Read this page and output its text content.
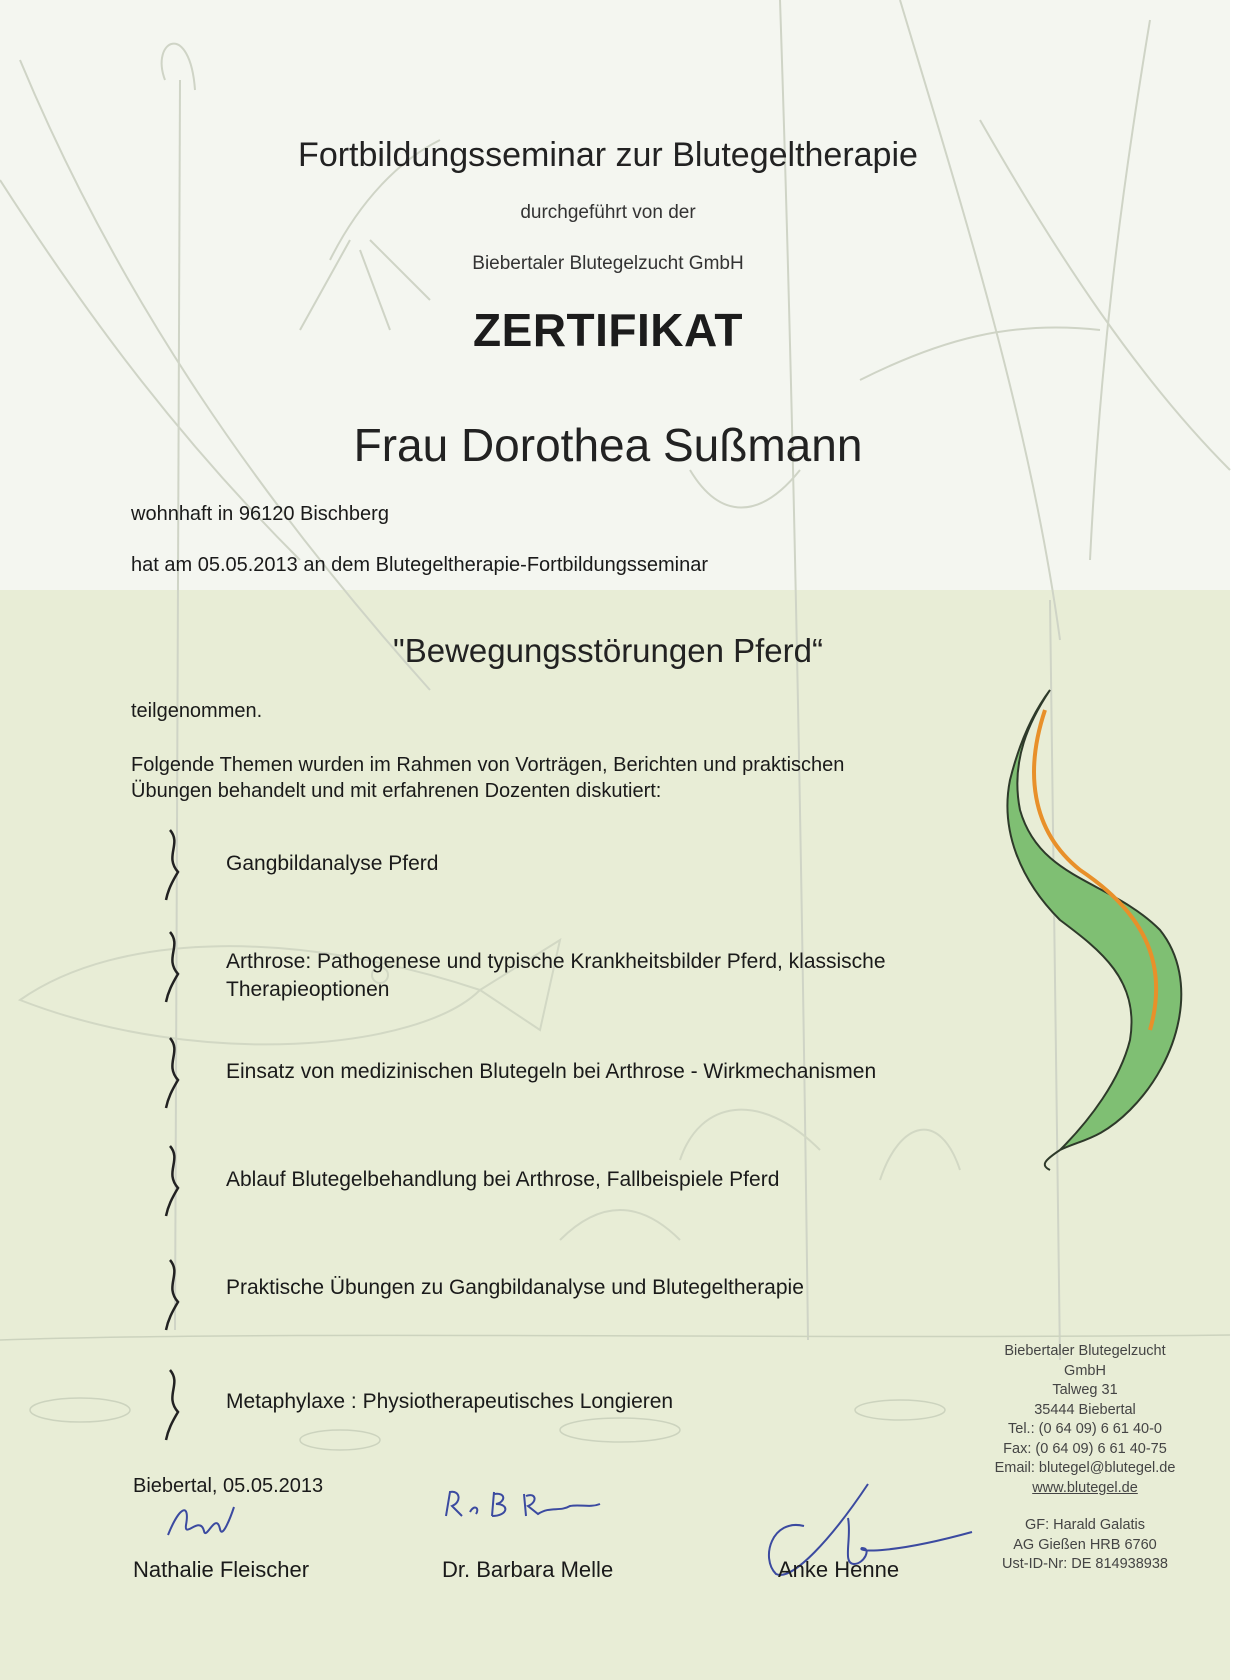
Fortbildungsseminar zur Blutegeltherapie

durchgeführt von der

Biebertaler Blutegelzucht GmbH

ZERTIFIKAT

Frau Dorothea Sußmann

wohnhaft in 96120 Bischberg

hat am 05.05.2013 an dem Blutegeltherapie-Fortbildungsseminar

"Bewegungsstörungen Pferd“

teilgenommen.

Folgende Themen wurden im Rahmen von Vorträgen, Berichten und praktischen Übungen behandelt und mit erfahrenen Dozenten diskutiert:

Gangbildanalyse Pferd
Arthrose: Pathogenese und typische Krankheitsbilder Pferd, klassische Therapieoptionen
Einsatz von medizinischen Blutegeln bei Arthrose - Wirkmechanismen
Ablauf Blutegelbehandlung bei Arthrose, Fallbeispiele Pferd
Praktische Übungen zu Gangbildanalyse und Blutegeltherapie
Metaphylaxe : Physiotherapeutisches Longieren

Biebertal, 05.05.2013

Nathalie Fleischer	Dr. Barbara Melle	Anke Henne

Biebertaler Blutegelzucht
GmbH
Talweg 31
35444 Biebertal
Tel.: (0 64 09) 6 61 40-0
Fax: (0 64 09) 6 61 40-75
Email: blutegel@blutegel.de
www.blutegel.de
GF: Harald Galatis
AG Gießen HRB 6760
Ust-ID-Nr: DE 814938938
